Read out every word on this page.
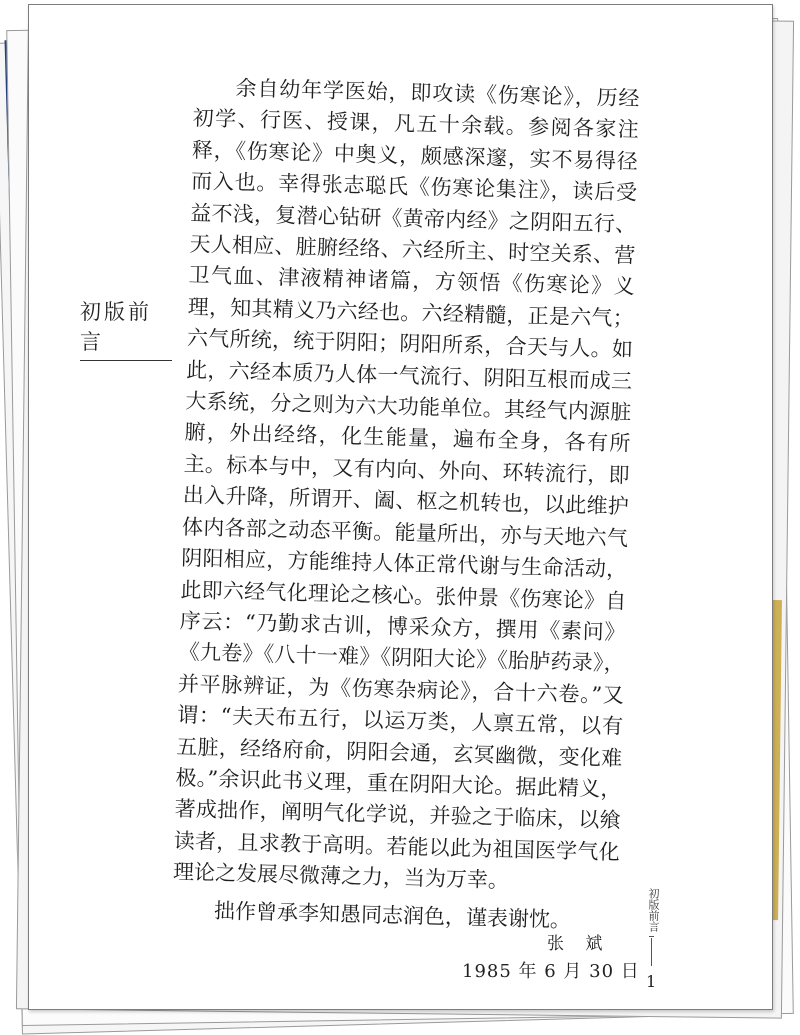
初版前言

余自幼年学医始，即攻读《伤寒论》，历经初学、行医、授课，凡五十余载。参阅各家注释，《伤寒论》中奥义，颇感深邃，实不易得径而入也。幸得张志聪氏《伤寒论集注》，读后受益不浅，复潜心钻研《黄帝内经》之阴阳五行、天人相应、脏腑经络、六经所主、时空关系、营卫气血、津液精神诸篇，方领悟《伤寒论》义理，知其精义乃六经也。六经精髓，正是六气；六气所统，统于阴阳；阴阳所系，合天与人。如此，六经本质乃人体一气流行、阴阳互根而成三大系统，分之则为六大功能单位。其经气内源脏腑，外出经络，化生能量，遍布全身，各有所主。标本与中，又有内向、外向、环转流行，即出入升降，所谓开、阖、枢之机转也，以此维护体内各部之动态平衡。能量所出，亦与天地六气阴阳相应，方能维持人体正常代谢与生命活动，此即六经气化理论之核心。张仲景《伤寒论》自序云：“乃勤求古训，博采众方，撰用《素问》《九卷》《八十一难》《阴阳大论》《胎胪药录》，并平脉辨证，为《伤寒杂病论》，合十六卷。”又谓：“夫天布五行，以运万类，人禀五常，以有五脏，经络府俞，阴阳会通，玄冥幽微，变化难极。”余识此书义理，重在阴阳大论。据此精义，著成拙作，阐明气化学说，并验之于临床，以飨读者，且求教于高明。若能以此为祖国医学气化理论之发展尽微薄之力，当为万幸。

拙作曾承李知愚同志润色，谨表谢忱。

张 斌
1985 年 6 月 30 日
初版前言
1
